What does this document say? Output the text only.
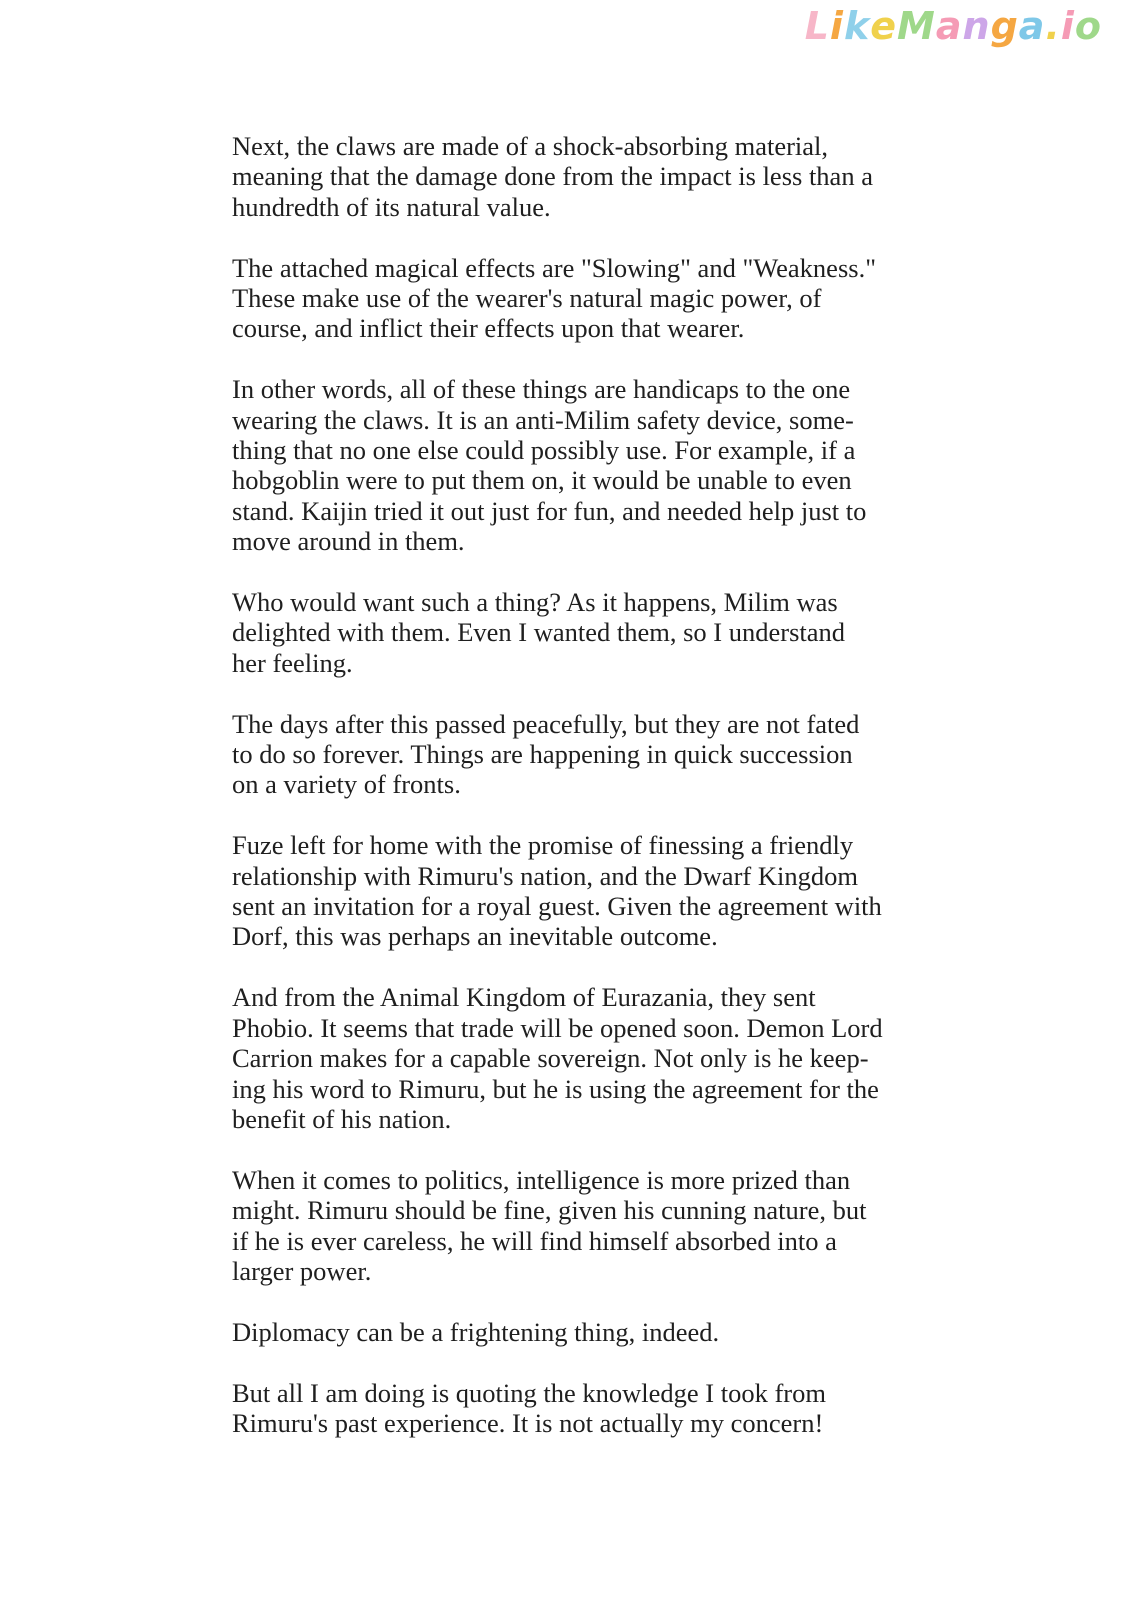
LikeManga.io

Next, the claws are made of a shock-absorbing material,
meaning that the damage done from the impact is less than a
hundredth of its natural value.

The attached magical effects are "Slowing" and "Weakness."
These make use of the wearer's natural magic power, of
course, and inflict their effects upon that wearer.

In other words, all of these things are handicaps to the one
wearing the claws. It is an anti-Milim safety device, some-
thing that no one else could possibly use. For example, if a
hobgoblin were to put them on, it would be unable to even
stand. Kaijin tried it out just for fun, and needed help just to
move around in them.

Who would want such a thing? As it happens, Milim was
delighted with them. Even I wanted them, so I understand
her feeling.

The days after this passed peacefully, but they are not fated
to do so forever. Things are happening in quick succession
on a variety of fronts.

Fuze left for home with the promise of finessing a friendly
relationship with Rimuru's nation, and the Dwarf Kingdom
sent an invitation for a royal guest. Given the agreement with
Dorf, this was perhaps an inevitable outcome.

And from the Animal Kingdom of Eurazania, they sent
Phobio. It seems that trade will be opened soon. Demon Lord
Carrion makes for a capable sovereign. Not only is he keep-
ing his word to Rimuru, but he is using the agreement for the
benefit of his nation.

When it comes to politics, intelligence is more prized than
might. Rimuru should be fine, given his cunning nature, but
if he is ever careless, he will find himself absorbed into a
larger power.

Diplomacy can be a frightening thing, indeed.

But all I am doing is quoting the knowledge I took from
Rimuru's past experience. It is not actually my concern!
